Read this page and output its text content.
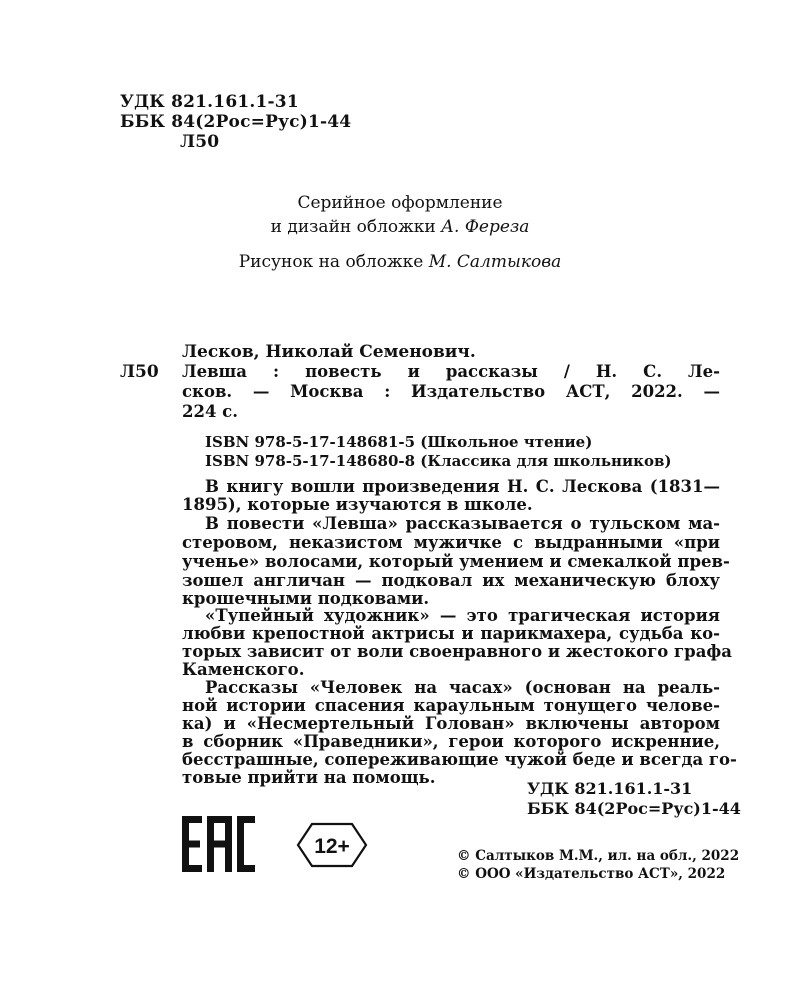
УДК 821.161.1-31
ББК 84(2Рос=Рус)1-44
Л50
Серийное оформление
и дизайн обложки А. Фереза
Рисунок на обложке М. Салтыкова
Лесков, Николай Семенович.
Л50 Левша : повесть и рассказы / Н. С. Ле-
сков. — Москва : Издательство АСТ, 2022. —
224 с.
ISBN 978-5-17-148681-5 (Школьное чтение)
ISBN 978-5-17-148680-8 (Классика для школьников)
В книгу вошли произведения Н. С. Лескова (1831—
1895), которые изучаются в школе.
В повести «Левша» рассказывается о тульском ма-
стеровом, неказистом мужичке с выдранными «при
ученье» волосами, который умением и смекалкой прев-
зошел англичан — подковал их механическую блоху
крошечными подковами.
«Тупейный художник» — это трагическая история
любви крепостной актрисы и парикмахера, судьба ко-
торых зависит от воли своенравного и жестокого графа
Каменского.
Рассказы «Человек на часах» (основан на реаль-
ной истории спасения караульным тонущего челове-
ка) и «Несмертельный Голован» включены автором
в сборник «Праведники», герои которого искренние,
бесстрашные, сопереживающие чужой беде и всегда го-
товые прийти на помощь.
УДК 821.161.1-31
ББК 84(2Рос=Рус)1-44
12+	© Салтыков М.М., ил. на обл., 2022
© ООО «Издательство АСТ», 2022
